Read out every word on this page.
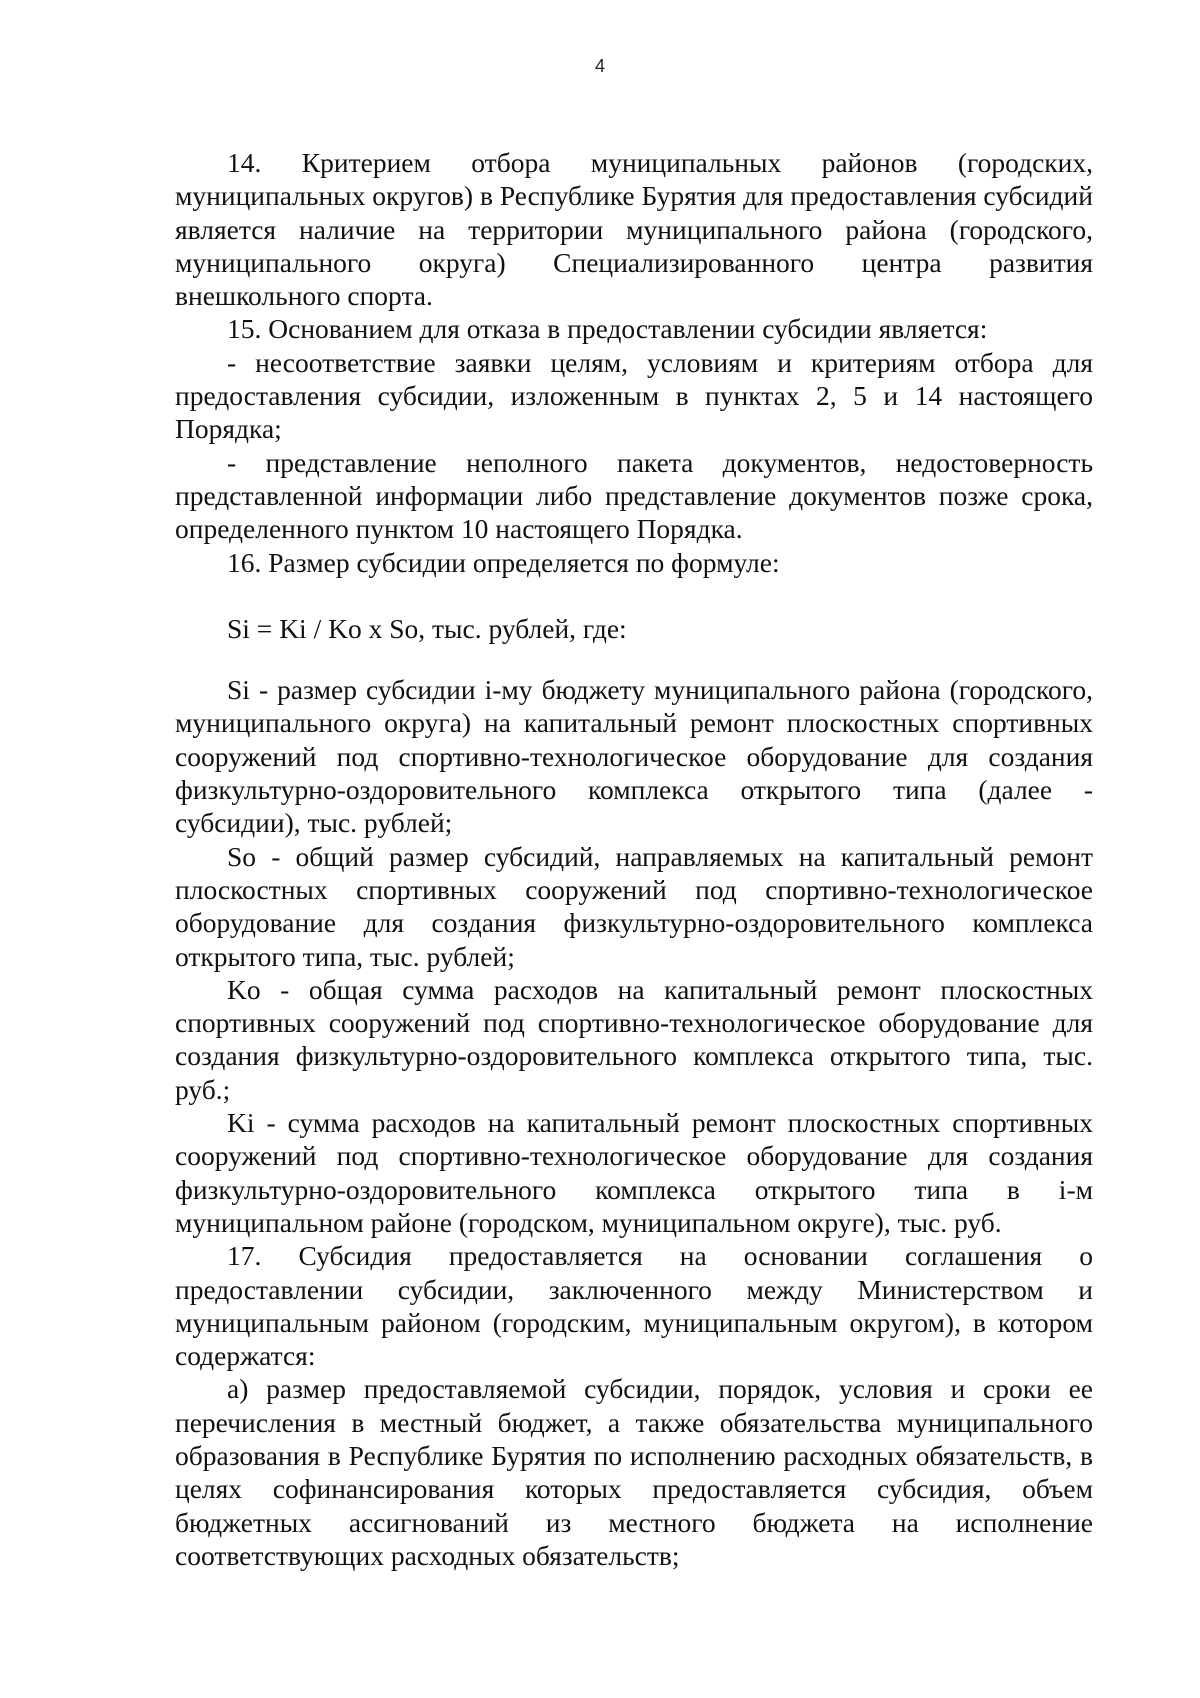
4

14. Критерием отбора муниципальных районов (городских, муниципальных округов) в Республике Бурятия для предоставления субсидий является наличие на территории муниципального района (городского, муниципального округа) Специализированного центра развития внешкольного спорта.

15. Основанием для отказа в предоставлении субсидии является:

- несоответствие заявки целям, условиям и критериям отбора для предоставления субсидии, изложенным в пунктах 2, 5 и 14 настоящего Порядка;

- представление неполного пакета документов, недостоверность представленной информации либо представление документов позже срока, определенного пунктом 10 настоящего Порядка.

16. Размер субсидии определяется по формуле:

Si = Ki / Ko x So, тыс. рублей, где:

Si - размер субсидии i-му бюджету муниципального района (городского, муниципального округа) на капитальный ремонт плоскостных спортивных сооружений под спортивно-технологическое оборудование для создания физкультурно-оздоровительного комплекса открытого типа (далее - субсидии), тыс. рублей;

So - общий размер субсидий, направляемых на капитальный ремонт плоскостных спортивных сооружений под спортивно-технологическое оборудование для создания физкультурно-оздоровительного комплекса открытого типа, тыс. рублей;

Ko - общая сумма расходов на капитальный ремонт плоскостных спортивных сооружений под спортивно-технологическое оборудование для создания физкультурно-оздоровительного комплекса открытого типа, тыс. руб.;

Ki - сумма расходов на капитальный ремонт плоскостных спортивных сооружений под спортивно-технологическое оборудование для создания физкультурно-оздоровительного комплекса открытого типа в i-м муниципальном районе (городском, муниципальном округе), тыс. руб.

17. Субсидия предоставляется на основании соглашения о предоставлении субсидии, заключенного между Министерством и муниципальным районом (городским, муниципальным округом), в котором содержатся:

а) размер предоставляемой субсидии, порядок, условия и сроки ее перечисления в местный бюджет, а также обязательства муниципального образования в Республике Бурятия по исполнению расходных обязательств, в целях софинансирования которых предоставляется субсидия, объем бюджетных ассигнований из местного бюджета на исполнение соответствующих расходных обязательств;
